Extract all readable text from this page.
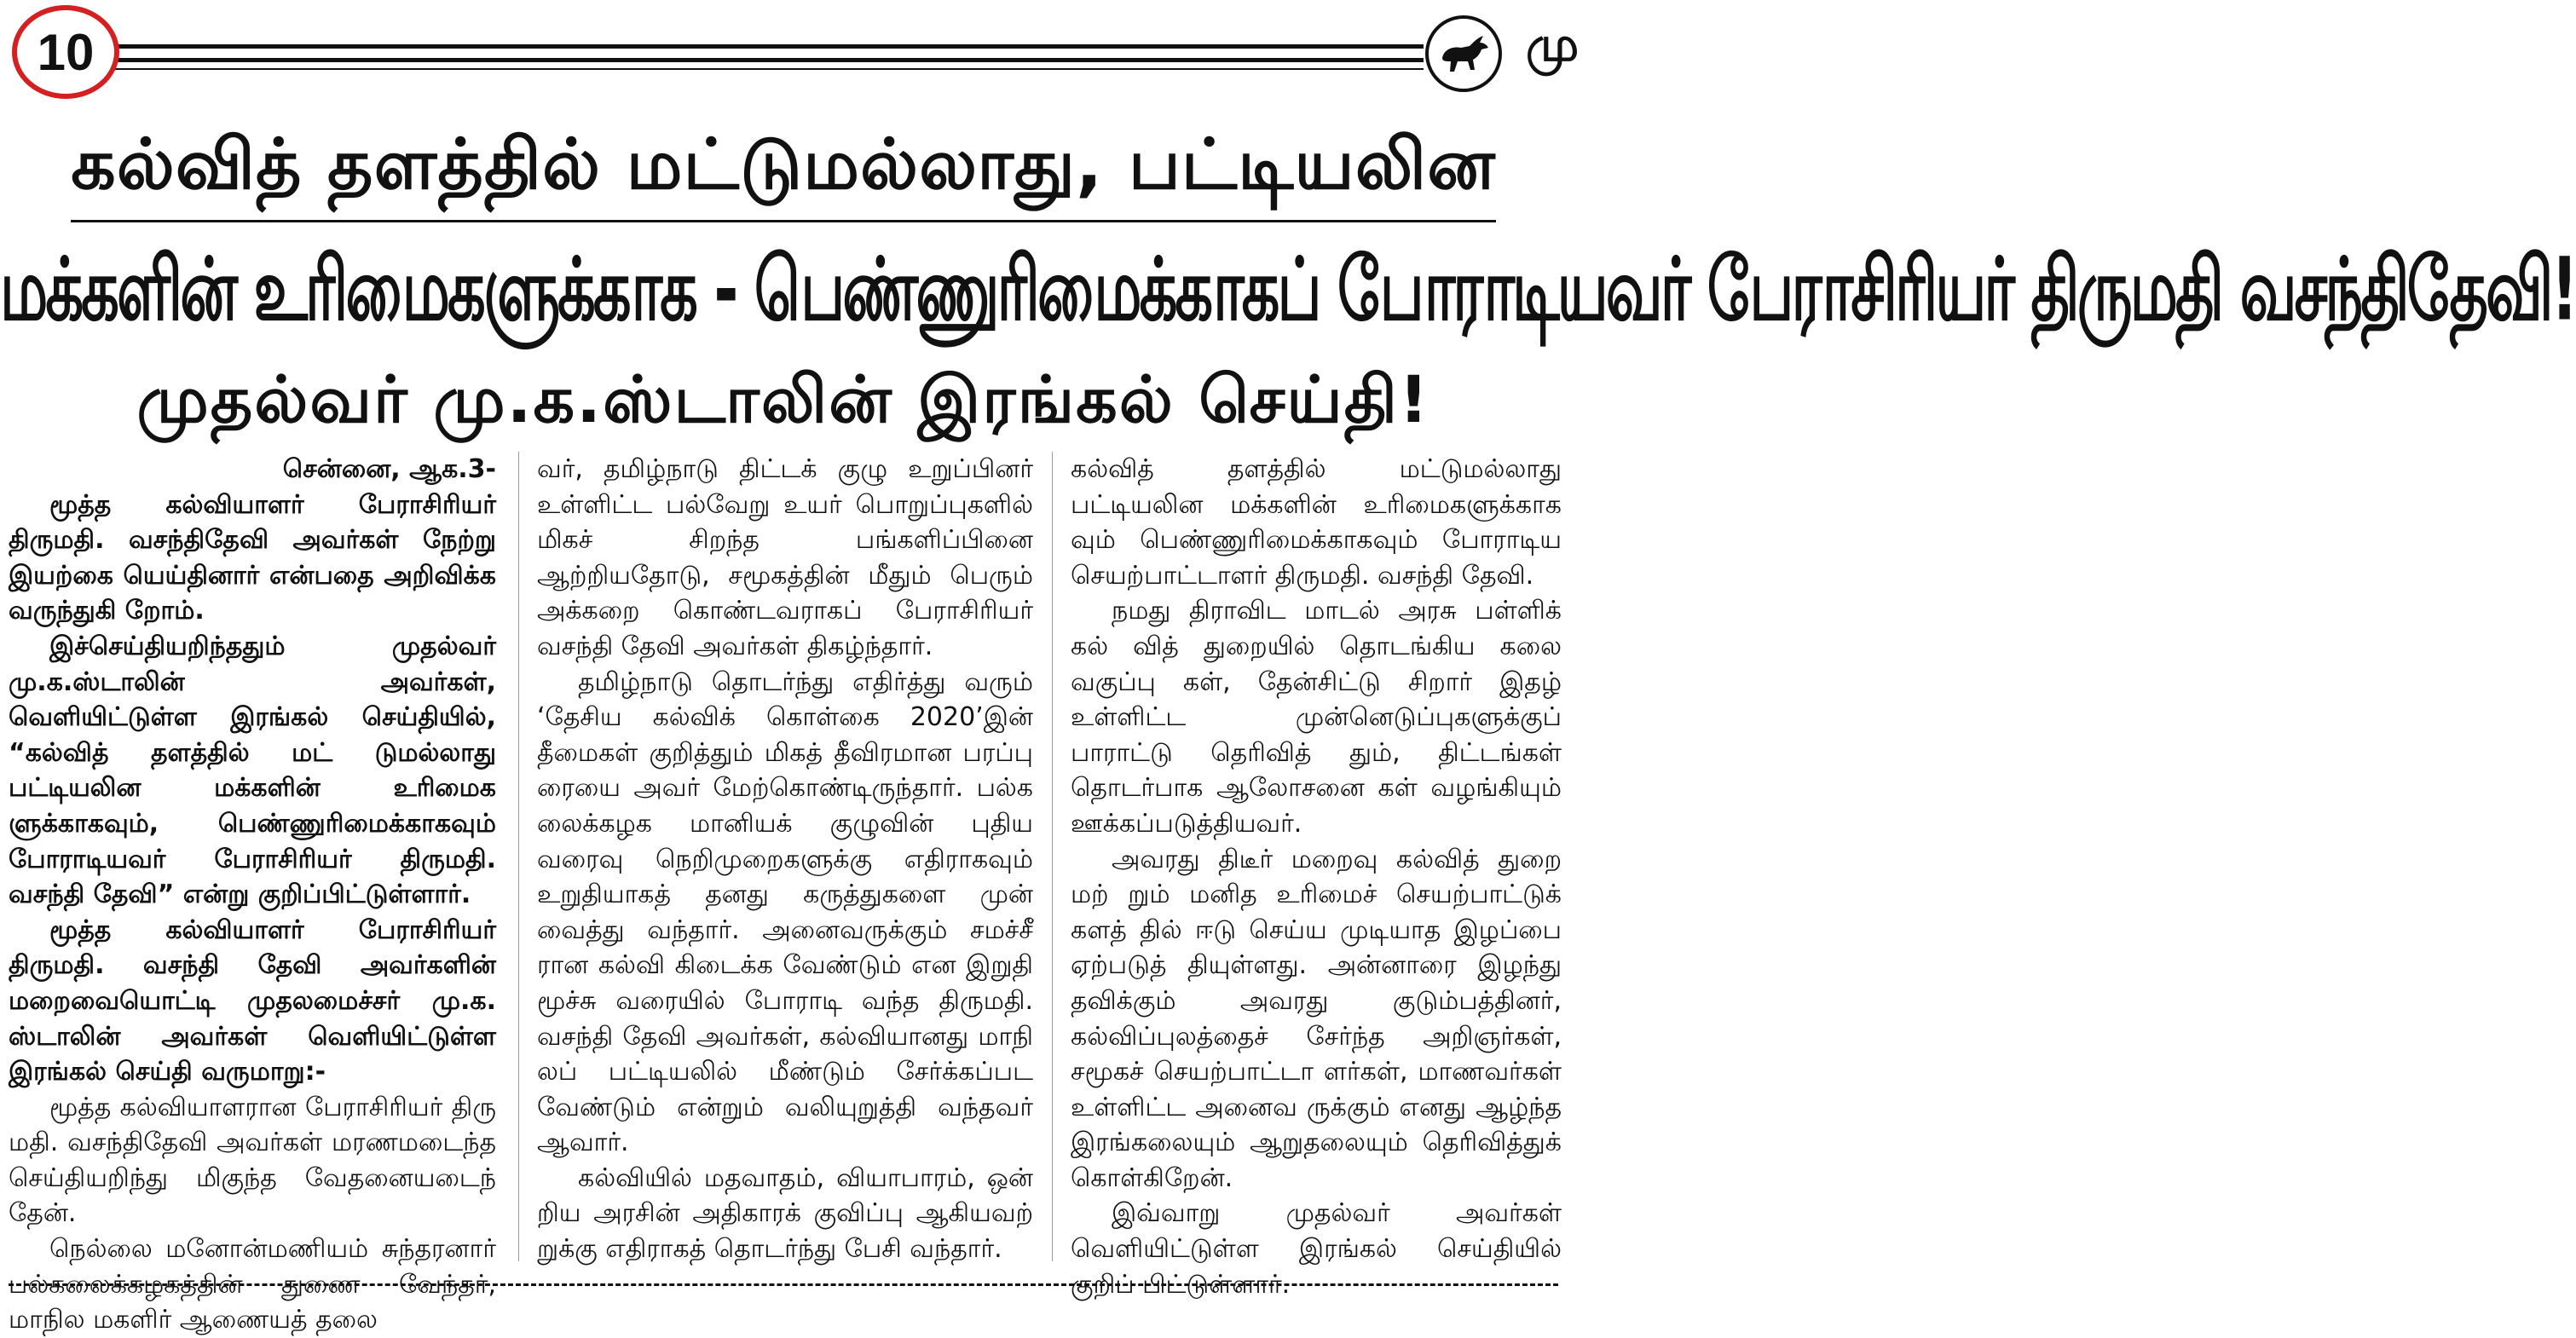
10	மு
கல்வித் தளத்தில் மட்டுமல்லாது, பட்டியலின
மக்களின் உரிமைகளுக்காக - பெண்ணுரிமைக்காகப் போராடியவர் பேராசிரியர் திருமதி வசந்திதேவி!
முதல்வர் மு.க.ஸ்டாலின் இரங்கல் செய்தி!

சென்னை, ஆக.3-

மூத்த கல்வியாளர் பேராசிரியர் திருமதி. வசந்திதேவி அவர்கள் நேற்று இயற்கை யெய்தினார் என்பதை அறிவிக்க வருந்துகி றோம்.

இச்செய்தியறிந்ததும் முதல்வர் மு.க.ஸ்டாலின் அவர்கள், வெளியிட்டுள்ள இரங்கல் செய்தியில், “கல்வித் தளத்தில் மட் டுமல்லாது பட்டியலின மக்களின் உரிமைக ளுக்காகவும், பெண்ணுரிமைக்காகவும் போராடியவர் பேராசிரியர் திருமதி. வசந்தி தேவி” என்று குறிப்பிட்டுள்ளார்.

மூத்த கல்வியாளர் பேராசிரியர் திருமதி. வசந்தி தேவி அவர்களின் மறைவையொட்டி முதலமைச்சர் மு.க. ஸ்டாலின் அவர்கள் வெளியிட்டுள்ள இரங்கல் செய்தி வருமாறு:-

மூத்த கல்வியாளரான பேராசிரியர் திரு மதி. வசந்திதேவி அவர்கள் மரணமடைந்த செய்தியறிந்து மிகுந்த வேதனையடைந் தேன்.

நெல்லை மனோன்மணியம் சுந்தரனார் பல்கலைக்கழகத்தின் துணை வேந்தர், மாநில மகளிர் ஆணையத் தலை

வர், தமிழ்நாடு திட்டக் குழு உறுப்பினர் உள்ளிட்ட பல்வேறு உயர் பொறுப்புகளில் மிகச் சிறந்த பங்களிப்பினை ஆற்றியதோடு, சமூகத்தின் மீதும் பெரும் அக்கறை கொண்டவராகப் பேராசிரியர் வசந்தி தேவி அவர்கள் திகழ்ந்தார்.

தமிழ்நாடு தொடர்ந்து எதிர்த்து வரும் ‘தேசிய கல்விக் கொள்கை 2020’இன் தீமைகள் குறித்தும் மிகத் தீவிரமான பரப்பு ரையை அவர் மேற்கொண்டிருந்தார். பல்க லைக்கழக மானியக் குழுவின் புதிய வரைவு நெறிமுறைகளுக்கு எதிராகவும் உறுதியாகத் தனது கருத்துகளை முன் வைத்து வந்தார். அனைவருக்கும் சமச்சீ ரான கல்வி கிடைக்க வேண்டும் என இறுதி மூச்சு வரையில் போராடி வந்த திருமதி. வசந்தி தேவி அவர்கள், கல்வியானது மாநி லப் பட்டியலில் மீண்டும் சேர்க்கப்பட வேண்டும் என்றும் வலியுறுத்தி வந்தவர் ஆவார்.

கல்வியில் மதவாதம், வியாபாரம், ஒன் றிய அரசின் அதிகாரக் குவிப்பு ஆகியவற் றுக்கு எதிராகத் தொடர்ந்து பேசி வந்தார்.

கல்வித் தளத்தில் மட்டுமல்லாது பட்டியலின மக்களின் உரிமைகளுக்காக வும் பெண்ணுரிமைக்காகவும் போராடிய செயற்பாட்டாளர் திருமதி. வசந்தி தேவி.

நமது திராவிட மாடல் அரசு பள்ளிக் கல் வித் துறையில் தொடங்கிய கலை வகுப்பு கள், தேன்சிட்டு சிறார் இதழ் உள்ளிட்ட முன்னெடுப்புகளுக்குப் பாராட்டு தெரிவித் தும், திட்டங்கள் தொடர்பாக ஆலோசனை கள் வழங்கியும் ஊக்கப்படுத்தியவர்.

அவரது திடீர் மறைவு கல்வித் துறை மற் றும் மனித உரிமைச் செயற்பாட்டுக் களத் தில் ஈடு செய்ய முடியாத இழப்பை ஏற்படுத் தியுள்ளது. அன்னாரை இழந்து தவிக்கும் அவரது குடும்பத்தினர், கல்விப்புலத்தைச் சேர்ந்த அறிஞர்கள், சமூகச் செயற்பாட்டா ளர்கள், மாணவர்கள் உள்ளிட்ட அனைவ ருக்கும் எனது ஆழ்ந்த இரங்கலையும் ஆறுதலையும் தெரிவித்துக் கொள்கிறேன்.

இவ்வாறு முதல்வர் அவர்கள் வெளியிட்டுள்ள இரங்கல் செய்தியில் குறிப் பிட்டுள்ளார்.
